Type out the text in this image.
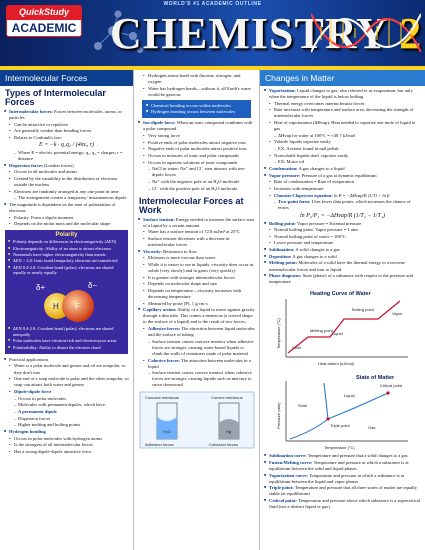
WORLD'S #1 ACADEMIC OUTLINE
QuickStudy
ACADEMIC CHEMISTRY 2
Intermolecular Forces
Types of Intermolecular Forces
■ Intermolecular forces: Forces between molecules, atoms, or particles
• Can be attractive or repulsive
• Are generally weaker than bonding forces
• Relates to Coulomb's law:
E = −k · q₁q₂ / (4πε₀ r)
– Where E = electric potential energy; q₁, q₂ = charges; r = distance
■ Dispersion forces (London forces)
• Occurs in all molecules and atoms
• Created by the variability in the distribution of electrons outside the nucleus
• Electrons are randomly arranged at any one point in time
– The arrangement creates a temporary/ instantaneous dipole
■ The magnitude is dependent on the ease of polarization of electrons
• Polarity: Form a dipole moment
• Depends on the molar mass and the molecular shape
Polarity
■ Polarity depends on differences in electronegativity (ΔEN)
■ Electronegativity: Ability of an atom to attract electrons
■ Nonmetals have higher electronegativity than metals
■ ΔEN > 2.0: Ionic bond (nonpolar); electrons are transferred
■ ΔEN 0.4-2.0: Covalent bond (polar); electrons are shared equally or nearly equally
H F
δ+	δ−
■ ΔEN 0.4-2.0: Covalent bond (polar); electrons are shared unequally
■ Polar molecules have electron-rich and electron-poor areas
■ Polarizability: Ability to distort the electron cloud
■ Practical applications
• Water is a polar molecule and grease and oil are nonpolar, so they don't mix
• One end of a soap molecule is polar and the other nonpolar, so soap can attract both water and grease
• Dipole-dipole force
– Occurs in polar molecules
– Molecules with permanent dipoles, which have:
– A permanent dipole
– Dispersion forces
– Higher melting and boiling points
■ Hydrogen bonding
• Occurs in polar molecules with hydrogen atoms
• Is the strongest of all intermolecular forces
• Has a strong dipole-dipole attractive force
• Hydrogen atoms bond with fluorine, nitrogen, and oxygen
• Water has hydrogen bonds—without it, all Earth's water would be gaseous
■ Chemical bonding occurs within molecules
■ Hydrogen bonding occurs between molecules
■ Ion-dipole force: When an ionic compound combines with a polar compound
• Very strong force
• Positive ends of polar molecules attract negative ions
• Negative ends of polar molecules attract positive ions
• Occurs in mixtures of ionic and polar compounds
• Occurs in aqueous solutions of ionic compounds
– NaCl in water: Na⁺ and Cl⁻ ions interact with ion-dipole forces
– Na⁺ with the negative pole of an H₂O molecule
– Cl⁻ with the positive pole of an H₂O molecule
Intermolecular Forces at Work
■ Surface tension: Energy needed to increase the surface area of a liquid by a certain amount
• Water has a surface tension of 72.8 mJ/m² at 25°C
• Surface tension decreases with a decrease in intermolecular forces
■ Viscosity: Resistance to flow
• Molasses is more viscous than water
• While it is easier to see in liquids, viscosity does occur in solids (very slowly) and in gases (very quickly)
• It is greater with stronger intermolecular forces
• Depends on molecular shape and size
• Depends on temperature—viscosity increases with decreasing temperature
• Measured by poise (P), 1 g/cm·s
■ Capillary action: Ability of a liquid to move against gravity through a thin tube. This comes a meniscus (a curved shape to the surface of a liquid) and is the result of two forces:
• Adhesive forces: The attraction between liquid molecules and the surface of tubing
– Surface tension causes concave menisci when adhesive forces are stronger, causing water-based liquids to climb the walls of containers made of polar material
• Cohesive forces: The attraction between molecules in a liquid
– Surface tension causes convex menisci when cohesive forces are stronger, causing liquids such as mercury to curve downward
Concave meniscus	Convex meniscus
H₂O	Hg
Adhesion forces	Cohesion forces
Changes in Matter
■ Vaporization: Liquid changes to gas; also referred to as evaporation, but only when the temperature of the liquid is below boiling
• Thermal energy overcomes intermolecular forces
• Rate increases with temperature and surface area, decreasing the strength of intermolecular forces
• Heat of vaporization (ΔHvap): Heat needed to vaporize one mole of liquid to gas
– ΔHvap for water at 100°C = +40.7 kJ/mol
• Volatile liquids vaporize easily
– EX: Acetone found in nail polish
• Nonvolatile liquids don't vaporize easily
– EX: Motor oil
■ Condensation: A gas changes to a liquid
■ Vapor pressure: Pressure of a gas at dynamic equilibrium
• Rate of condensation = Rate of evaporation
• Increases with temperature
• Clausius-Clapeyron equation: ln P = −ΔHvap/R (1/T) + ln β
– Two-point form: Uses fewer data points, which increases the chance of errors
ln P₂/P₁ = −ΔHvap/R (1/T₂ − 1/T₁)
■ Boiling point: Vapor pressure = External pressure
• Normal boiling point: Vapor pressure = 1 atm
• Normal boiling point of water = 100°C
• Lower pressure and temperature
■ Sublimation: A solid changes to a gas
■ Deposition: A gas changes to a solid
■ Melting point: Molecules of a solid have the thermal energy to overcome intermolecular forces and turn to liquid
■ Phase diagrams: State (phase) of a substance with respect to the pressure and temperature
Heating Curve of Water
Temperature (°C)
Heat added (kJ/mol)
Boiling point
Melting point
Vapor
Liquid
Solid
State of Matter
Pressure (atm)
Temperature (°C)
Liquid
Solid
Critical point
Triple point	Gas
■ Sublimation curve: Temperature and pressure that a solid changes to a gas
■ Fusion/Melting curve: Temperature and pressure at which a substance is at equilibrium between the solid and liquid phases
■ Vaporization curve: Temperature and pressure at which a substance is at equilibrium between the liquid and vapor phases
■ Triple point: Temperature and pressure that all three states of matter are equally stable (at equilibrium)
■ Critical point: Temperature and pressure above which substance is a supercritical fluid (not a distinct liquid or gas)
